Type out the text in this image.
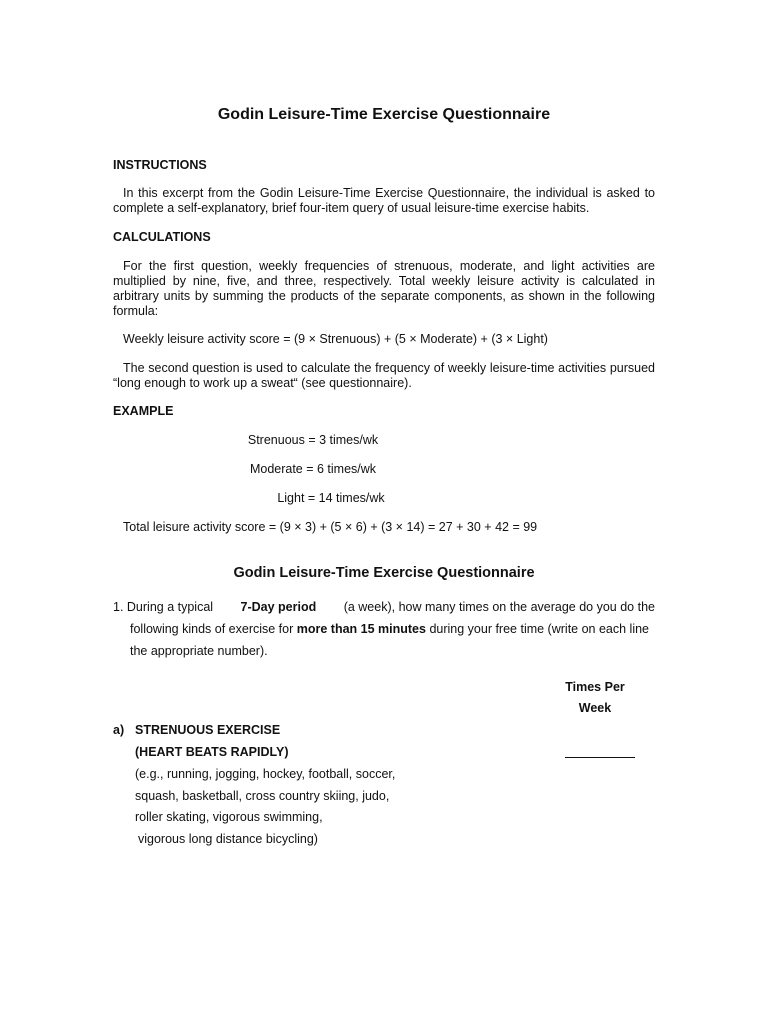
Godin Leisure-Time Exercise Questionnaire
INSTRUCTIONS
In this excerpt from the Godin Leisure-Time Exercise Questionnaire, the individual is asked to complete a self-explanatory, brief four-item query of usual leisure-time exercise habits.
CALCULATIONS
For the first question, weekly frequencies of strenuous, moderate, and light activities are multiplied by nine, five, and three, respectively. Total weekly leisure activity is calculated in arbitrary units by summing the products of the separate components, as shown in the following formula:
Weekly leisure activity score = (9 × Strenuous) + (5 × Moderate) + (3 × Light)
The second question is used to calculate the frequency of weekly leisure-time activities pursued “long enough to work up a sweat“ (see questionnaire).
EXAMPLE
Strenuous = 3 times/wk
Moderate = 6 times/wk
Light = 14 times/wk
Total leisure activity score = (9 × 3) + (5 × 6) + (3 × 14) = 27 + 30 + 42 = 99
Godin Leisure-Time Exercise Questionnaire
1. During a typical 7-Day period (a week), how many times on the average do you do the
following kinds of exercise for more than 15 minutes during your free time (write on each line
the appropriate number).
Times Per
Week
a) STRENUOUS EXERCISE
(HEART BEATS RAPIDLY)
(e.g., running, jogging, hockey, football, soccer,
squash, basketball, cross country skiing, judo,
roller skating, vigorous swimming,
vigorous long distance bicycling)
